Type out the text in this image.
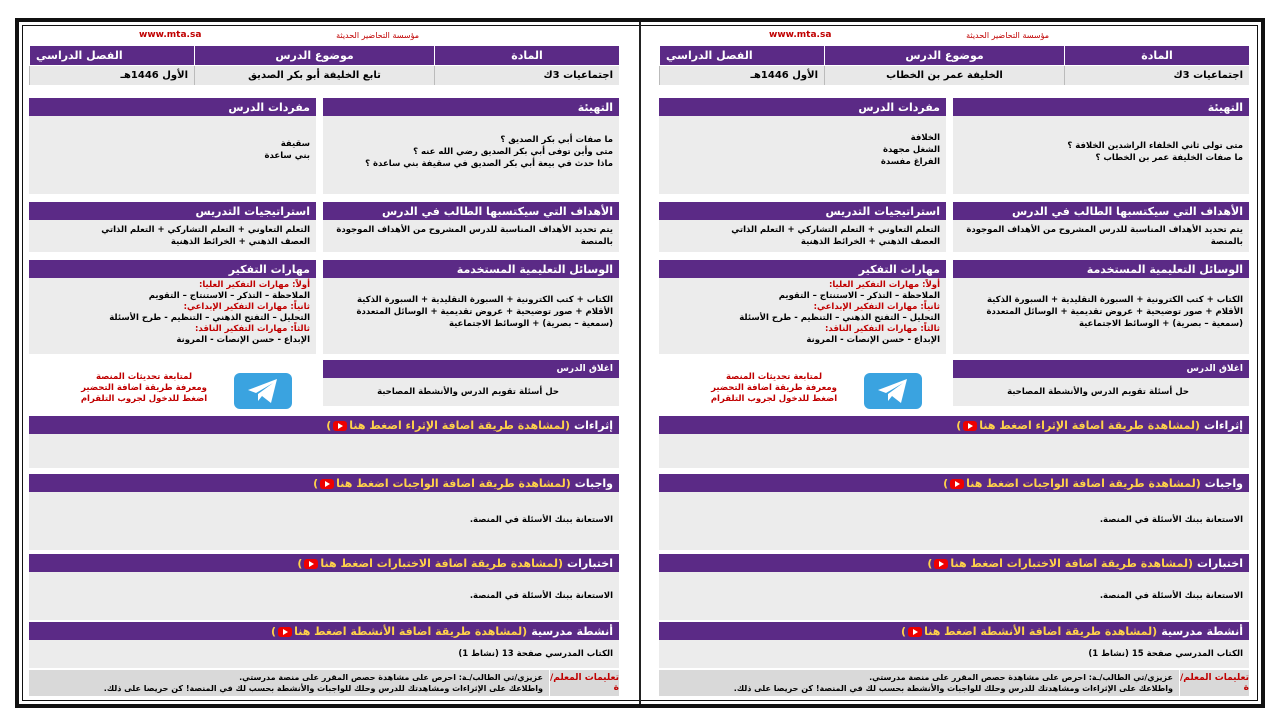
مؤسسة التحاضير الحديثة
www.mta.sa
المادة
موضوع الدرس
الفصل الدراسي
اجتماعيات 3ك
تابع الخليفة أبو بكر الصديق
الأول 1446هـ
التهيئة
ما صفات أبي بكر الصديق ؟
متى وأين توفى أبي بكر الصديق رضي الله عنه ؟
ماذا حدث في بيعة أبي بكر الصديق في سقيفة بني ساعدة ؟
مفردات الدرس
سقيفة
بني ساعدة
الأهداف التي سيكتسبها الطالب في الدرس
يتم تحديد الأهداف المناسبة للدرس المشروح من الأهداف الموجودة
بالمنصة
استراتيجيات التدريس
التعلم التعاوني + التعلم التشاركي + التعلم الذاتي
العصف الذهني + الخرائط الذهنية
الوسائل التعليمية المستخدمة
الكتاب + كتب الكترونية + السبورة التقليدية + السبورة الذكية
الأقلام + صور توضيحية + عروض تقديمية + الوسائل المتعددة
(سمعية – بصرية) + الوسائط الاجتماعية
مهارات التفكير
أولاً: مهارات التفكير العليا:
الملاحظة – التذكر – الاستنتاج – التقويم
ثانياً: مهارات التفكير الإبداعي:
التحليل – التفتح الذهني – التنظيم - طرح الأسئلة
ثالثاً: مهارات التفكير الناقد:
الإبداع - حسن الإنصات - المرونة
اغلاق الدرس
حل أسئلة تقويم الدرس والأنشطة المصاحبة
لمتابعة تحديثات المنصة
ومعرفة طريقة اضافة التحضير
اضغط للدخول لجروب التلقرام
إثراءات
(لمشاهدة طريقة اضافة الإثراء اضغط هنا)
واجبات
(لمشاهدة طريقة اضافة الواجبات اضغط هنا)
الاستعانة ببنك الأسئلة في المنصة.
اختبارات
(لمشاهدة طريقة اضافة الاختبارات اضغط هنا)
الاستعانة ببنك الأسئلة في المنصة.
أنشطة مدرسية
(لمشاهدة طريقة اضافة الأنشطة اضغط هنا)
الكتاب المدرسي صفحة 13 (نشاط 1)
تعليمات المعلم/ة
عزيزي/تي الطالب/ـة: احرص على مشاهدة حصص المقرر على منصة مدرستي.
واطلاعك على الإثراءات ومشاهدتك للدرس وحلك للواجبات والأنشطة بحسب لك في المنصة! كن حريصا على ذلك.
مؤسسة التحاضير الحديثة
www.mta.sa
المادة
موضوع الدرس
الفصل الدراسي
اجتماعيات 3ك
الخليفة عمر بن الخطاب
الأول 1446هـ
التهيئة
متى تولى ثاني الخلفاء الراشدين الخلافة ؟
ما صفات الخليفة عمر بن الخطاب ؟
مفردات الدرس
الخلافة
الشغل مجهدة
الفراغ مفسدة
الأهداف التي سيكتسبها الطالب في الدرس
يتم تحديد الأهداف المناسبة للدرس المشروح من الأهداف الموجودة
بالمنصة
استراتيجيات التدريس
التعلم التعاوني + التعلم التشاركي + التعلم الذاتي
العصف الذهني + الخرائط الذهنية
الوسائل التعليمية المستخدمة
الكتاب + كتب الكترونية + السبورة التقليدية + السبورة الذكية
الأقلام + صور توضيحية + عروض تقديمية + الوسائل المتعددة
(سمعية – بصرية) + الوسائط الاجتماعية
مهارات التفكير
أولاً: مهارات التفكير العليا:
الملاحظة – التذكر – الاستنتاج – التقويم
ثانياً: مهارات التفكير الإبداعي:
التحليل – التفتح الذهني – التنظيم - طرح الأسئلة
ثالثاً: مهارات التفكير الناقد:
الإبداع - حسن الإنصات - المرونة
اغلاق الدرس
حل أسئلة تقويم الدرس والأنشطة المصاحبة
لمتابعة تحديثات المنصة
ومعرفة طريقة اضافة التحضير
اضغط للدخول لجروب التلقرام
إثراءات
(لمشاهدة طريقة اضافة الإثراء اضغط هنا)
واجبات
(لمشاهدة طريقة اضافة الواجبات اضغط هنا)
الاستعانة ببنك الأسئلة في المنصة.
اختبارات
(لمشاهدة طريقة اضافة الاختبارات اضغط هنا)
الاستعانة ببنك الأسئلة في المنصة.
أنشطة مدرسية
(لمشاهدة طريقة اضافة الأنشطة اضغط هنا)
الكتاب المدرسي صفحة 15 (نشاط 1)
تعليمات المعلم/ة
عزيزي/تي الطالب/ـة: احرص على مشاهدة حصص المقرر على منصة مدرستي.
واطلاعك على الإثراءات ومشاهدتك للدرس وحلك للواجبات والأنشطة بحسب لك في المنصة! كن حريصا على ذلك.
